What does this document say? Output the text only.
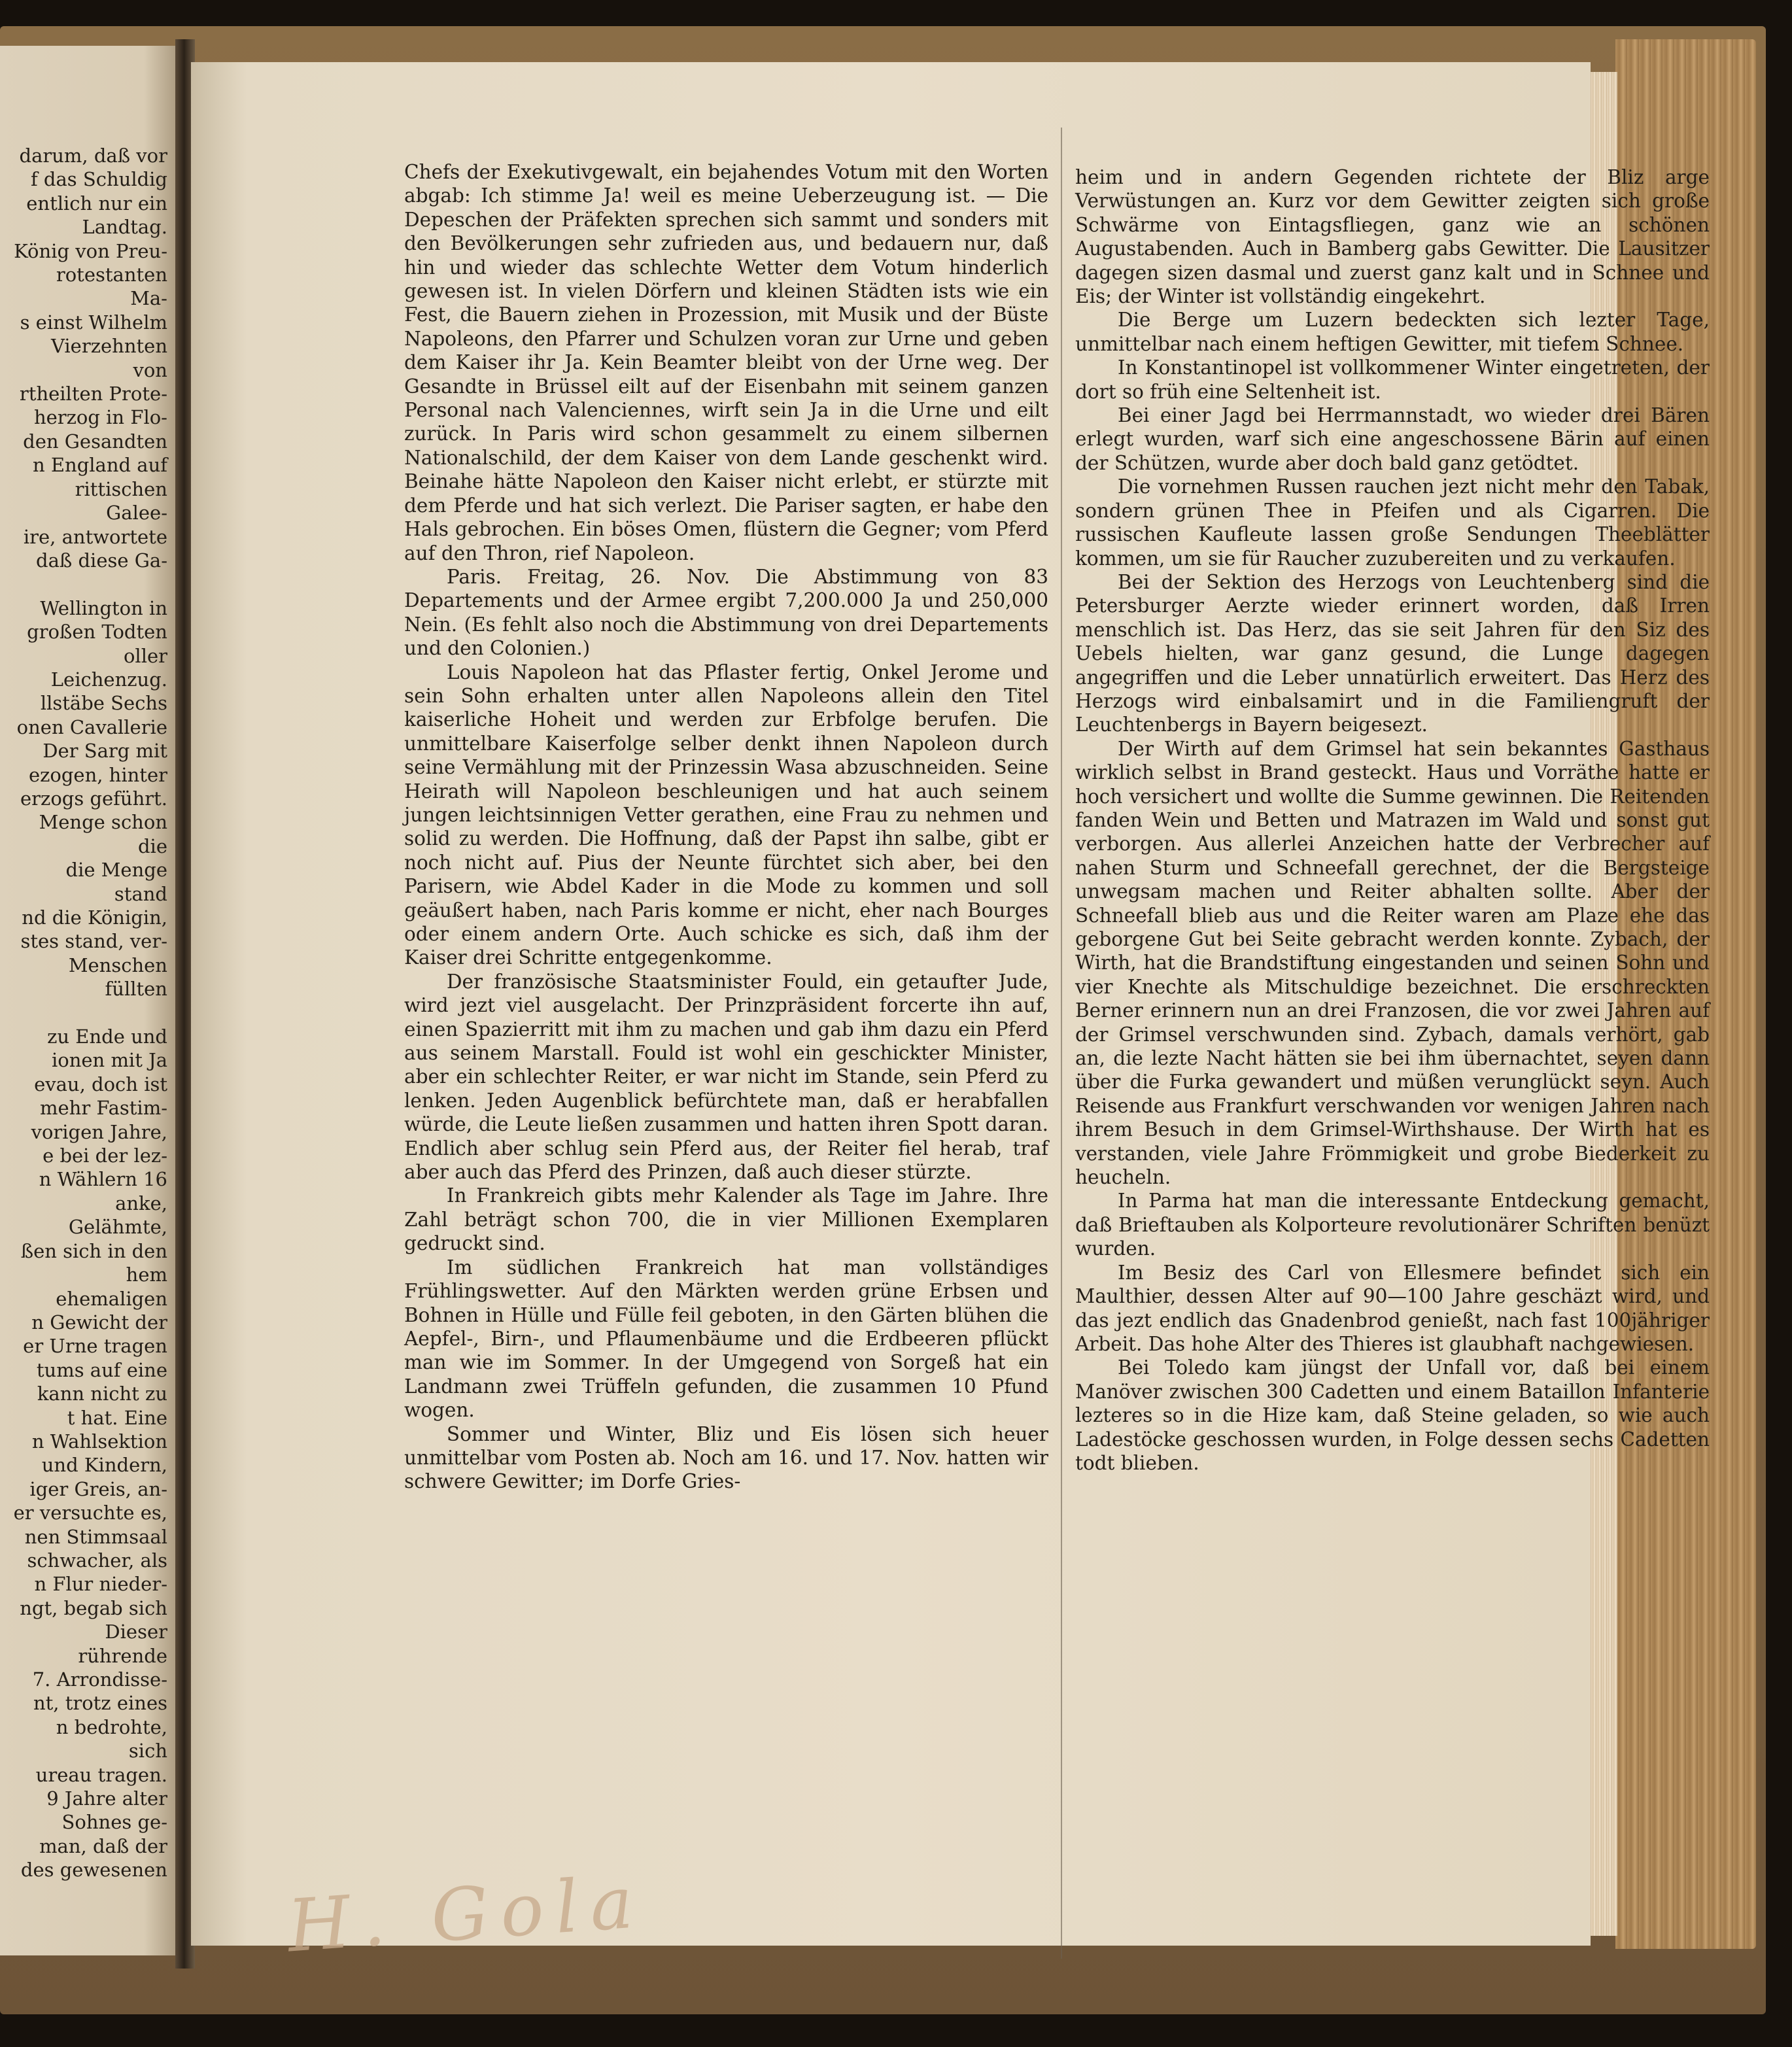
darum, daß vor

f das Schuldig

entlich nur ein

Landtag.

König von Preu-

rotestanten Ma-

s einst Wilhelm

Vierzehnten von

rtheilten Prote-

herzog in Flo-

den Gesandten

n England auf

rittischen Galee-

ire, antwortete

daß diese Ga-

Wellington in

großen Todten

oller Leichenzug.

llstäbe Sechs

onen Cavallerie

Der Sarg mit

ezogen, hinter

erzogs geführt.

Menge schon die

die Menge stand

nd die Königin,

stes stand, ver-

Menschen füllten

zu Ende und

ionen mit Ja

evau, doch ist

mehr Fastim-

vorigen Jahre,

e bei der lez-

n Wählern 16

anke, Gelähmte,

ßen sich in den

hem ehemaligen

n Gewicht der

er Urne tragen

tums auf eine

kann nicht zu

t hat. Eine

n Wahlsektion

und Kindern,

iger Greis, an-

er versuchte es,

nen Stimmsaal

schwacher, als

n Flur nieder-

ngt, begab sich

Dieser rührende

7. Arrondisse-

nt, trotz eines

n bedrohte, sich

ureau tragen.

9 Jahre alter

Sohnes ge-

man, daß der

des gewesenen

Chefs der Exekutivgewalt, ein bejahendes Votum mit den Worten abgab: Ich stimme Ja! weil es meine Ueberzeugung ist. — Die Depeschen der Präfekten sprechen sich sammt und sonders mit den Bevölkerungen sehr zufrieden aus, und bedauern nur, daß hin und wieder das schlechte Wetter dem Votum hinderlich gewesen ist. In vielen Dörfern und kleinen Städten ists wie ein Fest, die Bauern ziehen in Prozession, mit Musik und der Büste Napoleons, den Pfarrer und Schulzen voran zur Urne und geben dem Kaiser ihr Ja. Kein Beamter bleibt von der Urne weg. Der Gesandte in Brüssel eilt auf der Eisenbahn mit seinem ganzen Personal nach Valenciennes, wirft sein Ja in die Urne und eilt zurück. In Paris wird schon gesammelt zu einem silbernen Nationalschild, der dem Kaiser von dem Lande geschenkt wird. Beinahe hätte Napoleon den Kaiser nicht erlebt, er stürzte mit dem Pferde und hat sich verlezt. Die Pariser sagten, er habe den Hals gebrochen. Ein böses Omen, flüstern die Gegner; vom Pferd auf den Thron, rief Napoleon.

Paris. Freitag, 26. Nov. Die Abstimmung von 83 Departements und der Armee ergibt 7,200.000 Ja und 250,000 Nein. (Es fehlt also noch die Abstimmung von drei Departements und den Colonien.)

Louis Napoleon hat das Pflaster fertig, Onkel Jerome und sein Sohn erhalten unter allen Napoleons allein den Titel kaiserliche Hoheit und werden zur Erbfolge berufen. Die unmittelbare Kaiserfolge selber denkt ihnen Napoleon durch seine Vermählung mit der Prinzessin Wasa abzuschneiden. Seine Heirath will Napoleon beschleunigen und hat auch seinem jungen leichtsinnigen Vetter gerathen, eine Frau zu nehmen und solid zu werden. Die Hoffnung, daß der Papst ihn salbe, gibt er noch nicht auf. Pius der Neunte fürchtet sich aber, bei den Parisern, wie Abdel Kader in die Mode zu kommen und soll geäußert haben, nach Paris komme er nicht, eher nach Bourges oder einem andern Orte. Auch schicke es sich, daß ihm der Kaiser drei Schritte entgegenkomme.

Der französische Staatsminister Fould, ein getaufter Jude, wird jezt viel ausgelacht. Der Prinzpräsident forcerte ihn auf, einen Spazierritt mit ihm zu machen und gab ihm dazu ein Pferd aus seinem Marstall. Fould ist wohl ein geschickter Minister, aber ein schlechter Reiter, er war nicht im Stande, sein Pferd zu lenken. Jeden Augenblick befürchtete man, daß er herabfallen würde, die Leute ließen zusammen und hatten ihren Spott daran. Endlich aber schlug sein Pferd aus, der Reiter fiel herab, traf aber auch das Pferd des Prinzen, daß auch dieser stürzte.

In Frankreich gibts mehr Kalender als Tage im Jahre. Ihre Zahl beträgt schon 700, die in vier Millionen Exemplaren gedruckt sind.

Im südlichen Frankreich hat man vollständiges Frühlingswetter. Auf den Märkten werden grüne Erbsen und Bohnen in Hülle und Fülle feil geboten, in den Gärten blühen die Aepfel-, Birn-, und Pflaumenbäume und die Erdbeeren pflückt man wie im Sommer. In der Umgegend von Sorgeß hat ein Landmann zwei Trüffeln gefunden, die zusammen 10 Pfund wogen.

Sommer und Winter, Bliz und Eis lösen sich heuer unmittelbar vom Posten ab. Noch am 16. und 17. Nov. hatten wir schwere Gewitter; im Dorfe Gries-

heim und in andern Gegenden richtete der Bliz arge Verwüstungen an. Kurz vor dem Gewitter zeigten sich große Schwärme von Eintagsfliegen, ganz wie an schönen Augustabenden. Auch in Bamberg gabs Gewitter. Die Lausitzer dagegen sizen dasmal und zuerst ganz kalt und in Schnee und Eis; der Winter ist vollständig eingekehrt.

Die Berge um Luzern bedeckten sich lezter Tage, unmittelbar nach einem heftigen Gewitter, mit tiefem Schnee.

In Konstantinopel ist vollkommener Winter eingetreten, der dort so früh eine Seltenheit ist.

Bei einer Jagd bei Herrmannstadt, wo wieder drei Bären erlegt wurden, warf sich eine angeschossene Bärin auf einen der Schützen, wurde aber doch bald ganz getödtet.

Die vornehmen Russen rauchen jezt nicht mehr den Tabak, sondern grünen Thee in Pfeifen und als Cigarren. Die russischen Kaufleute lassen große Sendungen Theeblätter kommen, um sie für Raucher zuzubereiten und zu verkaufen.

Bei der Sektion des Herzogs von Leuchtenberg sind die Petersburger Aerzte wieder erinnert worden, daß Irren menschlich ist. Das Herz, das sie seit Jahren für den Siz des Uebels hielten, war ganz gesund, die Lunge dagegen angegriffen und die Leber unnatürlich erweitert. Das Herz des Herzogs wird einbalsamirt und in die Familiengruft der Leuchtenbergs in Bayern beigesezt.

Der Wirth auf dem Grimsel hat sein bekanntes Gasthaus wirklich selbst in Brand gesteckt. Haus und Vorräthe hatte er hoch versichert und wollte die Summe gewinnen. Die Reitenden fanden Wein und Betten und Matrazen im Wald und sonst gut verborgen. Aus allerlei Anzeichen hatte der Verbrecher auf nahen Sturm und Schneefall gerechnet, der die Bergsteige unwegsam machen und Reiter abhalten sollte. Aber der Schneefall blieb aus und die Reiter waren am Plaze ehe das geborgene Gut bei Seite gebracht werden konnte. Zybach, der Wirth, hat die Brandstiftung eingestanden und seinen Sohn und vier Knechte als Mitschuldige bezeichnet. Die erschreckten Berner erinnern nun an drei Franzosen, die vor zwei Jahren auf der Grimsel verschwunden sind. Zybach, damals verhört, gab an, die lezte Nacht hätten sie bei ihm übernachtet, seyen dann über die Furka gewandert und müßen verunglückt seyn. Auch Reisende aus Frankfurt verschwanden vor wenigen Jahren nach ihrem Besuch in dem Grimsel-Wirthshause. Der Wirth hat es verstanden, viele Jahre Frömmigkeit und grobe Biederkeit zu heucheln.

In Parma hat man die interessante Entdeckung gemacht, daß Brieftauben als Kolporteure revolutionärer Schriften benüzt wurden.

Im Besiz des Carl von Ellesmere befindet sich ein Maulthier, dessen Alter auf 90—100 Jahre geschäzt wird, und das jezt endlich das Gnadenbrod genießt, nach fast 100jähriger Arbeit. Das hohe Alter des Thieres ist glaubhaft nachgewiesen.

Bei Toledo kam jüngst der Unfall vor, daß bei einem Manöver zwischen 300 Cadetten und einem Bataillon Infanterie lezteres so in die Hize kam, daß Steine geladen, so wie auch Ladestöcke geschossen wurden, in Folge dessen sechs Cadetten todt blieben.

H. Gola
